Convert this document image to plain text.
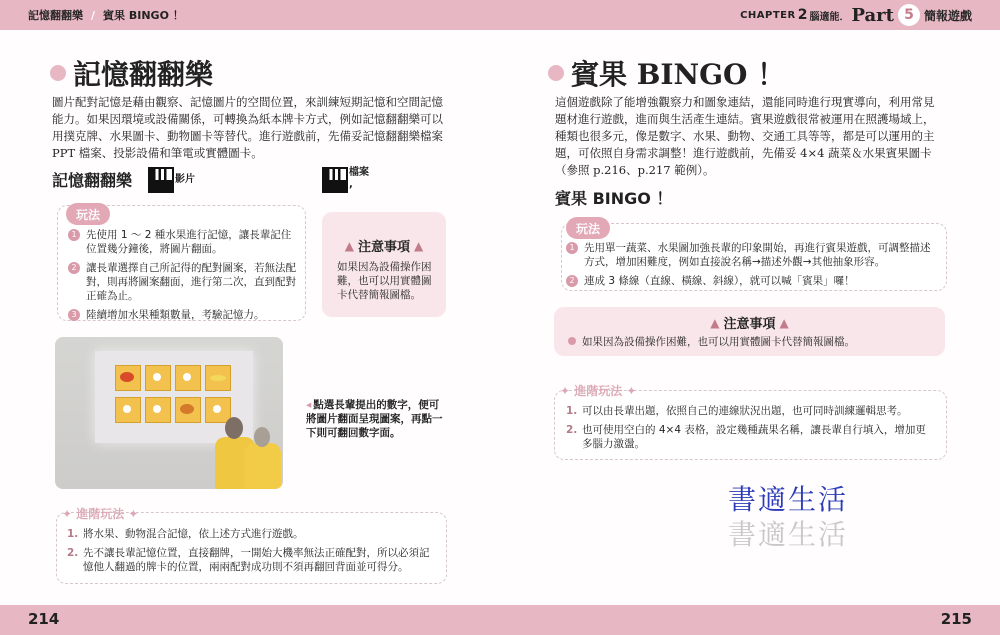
記憶翻翻樂 / 賓果 BINGO ！	CHAPTER 2 腦適能． Part 5 簡報遊戲
記憶翻翻樂
圖片配對記憶是藉由觀察、記憶圖片的空間位置，來訓練短期記憶和空間記憶能力。如果因環境或設備關係，可轉換為紙本牌卡方式，例如記憶翻翻樂可以用撲克牌、水果圖卡、動物圖卡等替代。進行遊戲前，先備妥記憶翻翻樂檔案PPT 檔案、投影設備和筆電或實體圖卡。
記憶翻翻樂	影片
檔案
,
玩法
1 先使用 1 ～ 2 種水果進行記憶，讓長輩記住位置幾分鐘後，將圖片翻面。
2 讓長輩選擇自己所記得的配對圖案，若無法配對，則再將圖案翻面，進行第二次，直到配對正確為止。
3 陸續增加水果種類數量，考驗記憶力。
▲ 注意事項 ▲
如果因為設備操作困難，也可以用實體圖卡代替簡報圖檔。
◂ 點選長輩提出的數字，便可將圖片翻面呈現圖案，再點一下則可翻回數字面。
✦ 進階玩法 ✦
1. 將水果、動物混合記憶，依上述方式進行遊戲。
2. 先不讓長輩記憶位置，直接翻牌，一開始大機率無法正確配對，所以必須記憶他人翻過的牌卡的位置，兩兩配對成功則不須再翻回背面並可得分。
214
賓果 BINGO ！
這個遊戲除了能增強觀察力和圖象連結，還能同時進行現實導向，利用常見題材進行遊戲，進而與生活產生連結。賓果遊戲很常被運用在照護場域上，種類也很多元，像是數字、水果、動物、交通工具等等，都是可以運用的主題，可依照自身需求調整！進行遊戲前，先備妥 4×4 蔬菜＆水果賓果圖卡（參照 p.216、p.217 範例）。
賓果 BINGO ！
玩法
1 先用單一蔬菜、水果圖加強長輩的印象開始，再進行賓果遊戲，可調整描述方式，增加困難度，例如直接說名稱→描述外觀→其他抽象形容。
2 連成 3 條線（直線、橫線、斜線），就可以喊「賓果」囉！
▲ 注意事項 ▲
如果因為設備操作困難，也可以用實體圖卡代替簡報圖檔。
✦ 進階玩法 ✦
1. 可以由長輩出題，依照自己的連線狀況出題，也可同時訓練邏輯思考。
2. 也可使用空白的 4×4 表格，設定幾種蔬果名稱，讓長輩自行填入，增加更多腦力激盪。
書適生活
書適生活
215
